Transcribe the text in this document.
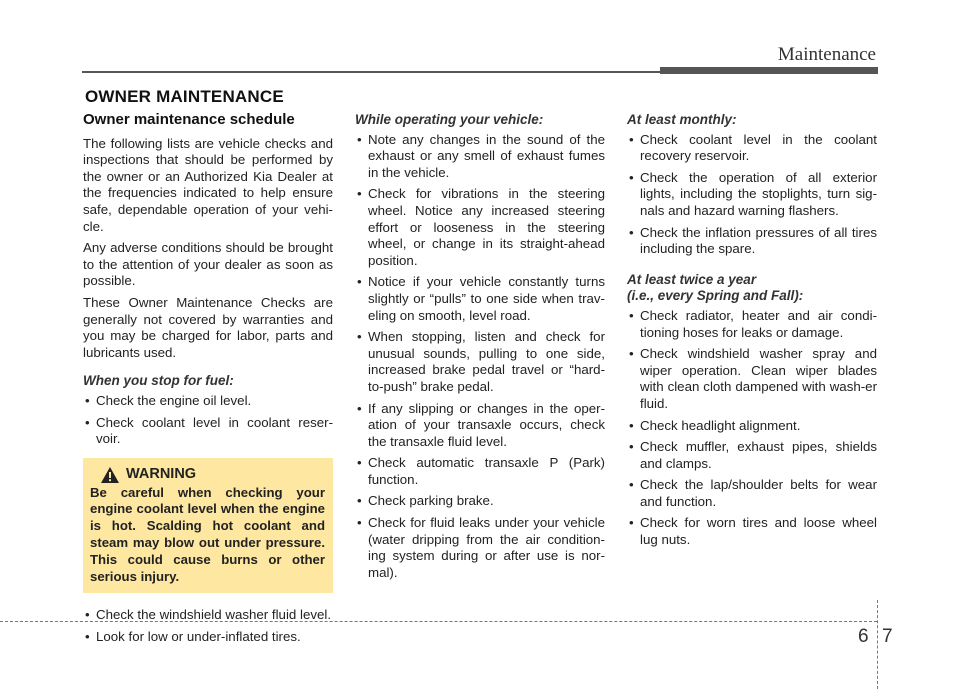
Maintenance
OWNER MAINTENANCE
Owner maintenance schedule

The following lists are vehicle checks and inspections that should be performed by the owner or an Authorized Kia Dealer at the frequencies indicated to help ensure safe, dependable operation of your vehi-cle.

Any adverse conditions should be brought to the attention of your dealer as soon as possible.

These Owner Maintenance Checks are generally not covered by warranties and you may be charged for labor, parts and lubricants used.

When you stop for fuel:
• Check the engine oil level.
• Check coolant level in coolant reser-voir.
WARNING
Be careful when checking your engine coolant level when the engine is hot. Scalding hot coolant and steam may blow out under pressure. This could cause burns or other serious injury.
• Check the windshield washer fluid level.
• Look for low or under-inflated tires.
While operating your vehicle:
• Note any changes in the sound of the exhaust or any smell of exhaust fumes in the vehicle.
• Check for vibrations in the steering wheel. Notice any increased steering effort or looseness in the steering wheel, or change in its straight-ahead position.
• Notice if your vehicle constantly turns slightly or “pulls” to one side when trav-eling on smooth, level road.
• When stopping, listen and check for unusual sounds, pulling to one side, increased brake pedal travel or “hard-to-push” brake pedal.
• If any slipping or changes in the oper-ation of your transaxle occurs, check the transaxle fluid level.
• Check automatic transaxle P (Park) function.
• Check parking brake.
• Check for fluid leaks under your vehicle (water dripping from the air condition-ing system during or after use is nor-mal).
At least monthly:
• Check coolant level in the coolant recovery reservoir.
• Check the operation of all exterior lights, including the stoplights, turn sig-nals and hazard warning flashers.
• Check the inflation pressures of all tires including the spare.
At least twice a year
(i.e., every Spring and Fall):
• Check radiator, heater and air condi-tioning hoses for leaks or damage.
• Check windshield washer spray and wiper operation. Clean wiper blades with clean cloth dampened with wash-er fluid.
• Check headlight alignment.
• Check muffler, exhaust pipes, shields and clamps.
• Check the lap/shoulder belts for wear and function.
• Check for worn tires and loose wheel lug nuts.
6 7
